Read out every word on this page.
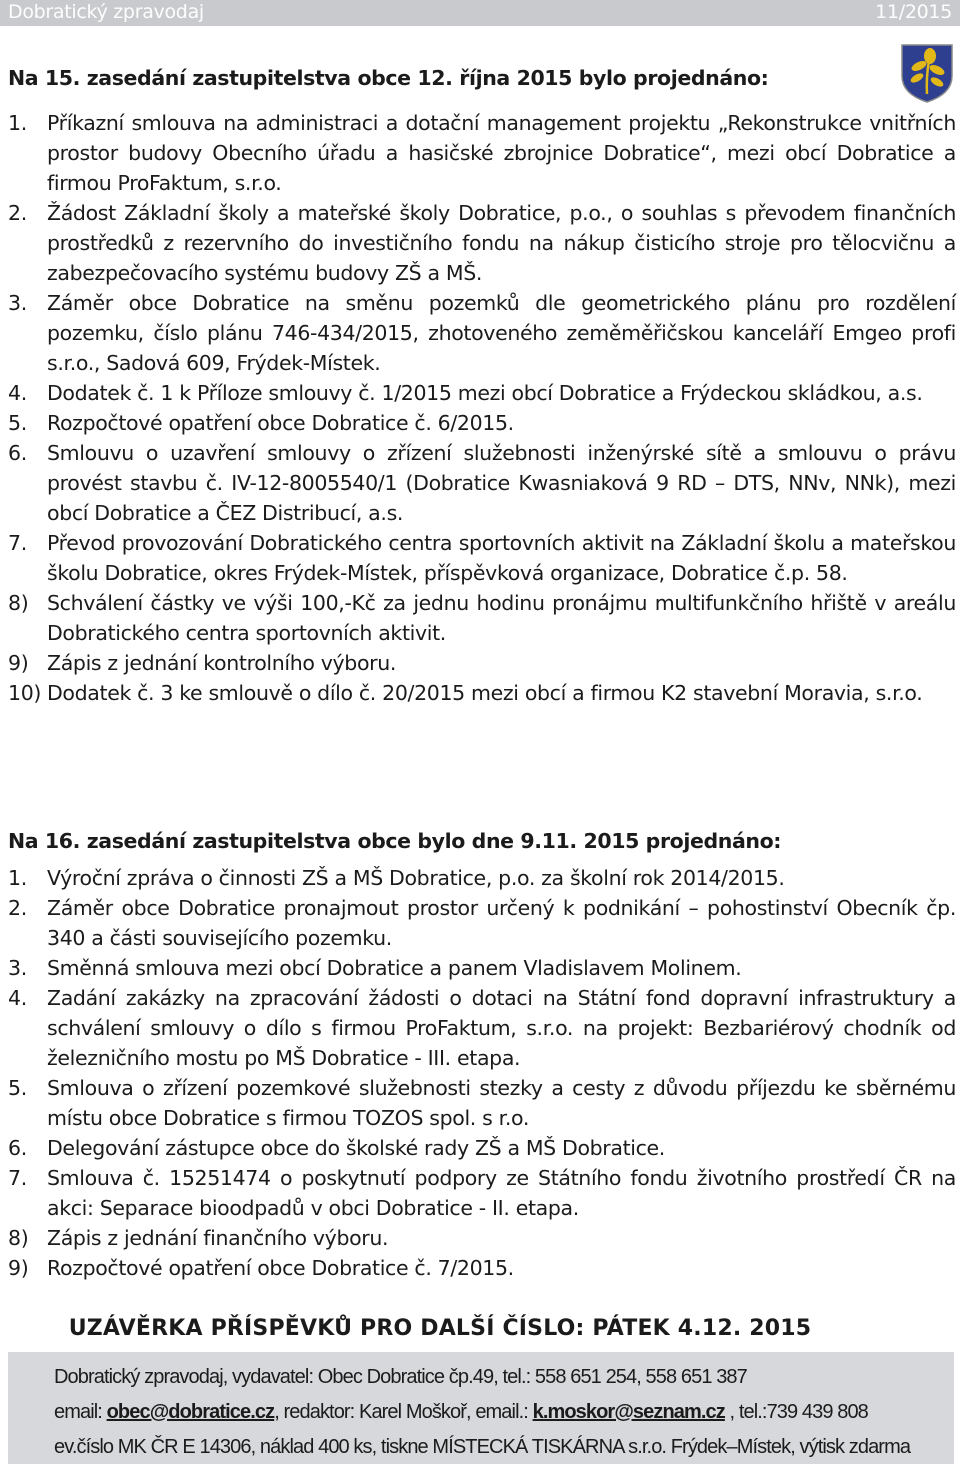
Dobratický zpravodaj	11/2015
Na 15. zasedání zastupitelstva obce 12. října 2015 bylo projednáno:
1. Příkazní smlouva na administraci a dotační management projektu „Rekonstrukce vnitřních prostor budovy Obecního úřadu a hasičské zbrojnice Dobratice“, mezi obcí Dobratice a firmou ProFaktum, s.r.o.
2. Žádost Základní školy a mateřské školy Dobratice, p.o., o souhlas s převodem finančních prostředků z rezervního do investičního fondu na nákup čisticího stroje pro tělocvičnu a zabezpečovacího systému budovy ZŠ a MŠ.
3. Záměr obce Dobratice na směnu pozemků dle geometrického plánu pro rozdělení pozemku, číslo plánu 746-434/2015, zhotoveného zeměměřičskou kanceláří Emgeo profi s.r.o., Sadová 609, Frýdek-Místek.
4. Dodatek č. 1 k Příloze smlouvy č. 1/2015 mezi obcí Dobratice a Frýdeckou skládkou, a.s.
5. Rozpočtové opatření obce Dobratice č. 6/2015.
6. Smlouvu o uzavření smlouvy o zřízení služebnosti inženýrské sítě a smlouvu o právu provést stavbu č. IV-12-8005540/1 (Dobratice Kwasniaková 9 RD – DTS, NNv, NNk), mezi obcí Dobratice a ČEZ Distribucí, a.s.
7. Převod provozování Dobratického centra sportovních aktivit na Základní školu a mateřskou školu Dobratice, okres Frýdek-Místek, příspěvková organizace, Dobratice č.p. 58.
8) Schválení částky ve výši 100,-Kč za jednu hodinu pronájmu multifunkčního hřiště v areálu Dobratického centra sportovních aktivit.
9) Zápis z jednání kontrolního výboru.
10) Dodatek č. 3 ke smlouvě o dílo č. 20/2015 mezi obcí a firmou K2 stavební Moravia, s.r.o.
Na 16. zasedání zastupitelstva obce bylo dne 9.11. 2015 projednáno:
1. Výroční zpráva o činnosti ZŠ a MŠ Dobratice, p.o. za školní rok 2014/2015.
2. Záměr obce Dobratice pronajmout prostor určený k podnikání – pohostinství Obecník čp. 340 a části souvisejícího pozemku.
3. Směnná smlouva mezi obcí Dobratice a panem Vladislavem Molinem.
4. Zadání zakázky na zpracování žádosti o dotaci na Státní fond dopravní infrastruktury a schválení smlouvy o dílo s firmou ProFaktum, s.r.o. na projekt: Bezbariérový chodník od železničního mostu po MŠ Dobratice - III. etapa.
5. Smlouva o zřízení pozemkové služebnosti stezky a cesty z důvodu příjezdu ke sběrnému místu obce Dobratice s firmou TOZOS spol. s r.o.
6. Delegování zástupce obce do školské rady ZŠ a MŠ Dobratice.
7. Smlouva č. 15251474 o poskytnutí podpory ze Státního fondu životního prostředí ČR na akci: Separace bioodpadů v obci Dobratice - II. etapa.
8) Zápis z jednání finančního výboru.
9) Rozpočtové opatření obce Dobratice č. 7/2015.
UZÁVĚRKA PŘÍSPĚVKŮ PRO DALŠÍ ČÍSLO: PÁTEK 4.12. 2015
Dobratický zpravodaj, vydavatel: Obec Dobratice čp.49, tel.: 558 651 254, 558 651 387
email: obec@dobratice.cz, redaktor: Karel Moškoř, email.: k.moskor@seznam.cz , tel.:739 439 808
ev.číslo MK ČR E 14306, náklad 400 ks, tiskne MÍSTECKÁ TISKÁRNA s.r.o. Frýdek–Místek, výtisk zdarma
